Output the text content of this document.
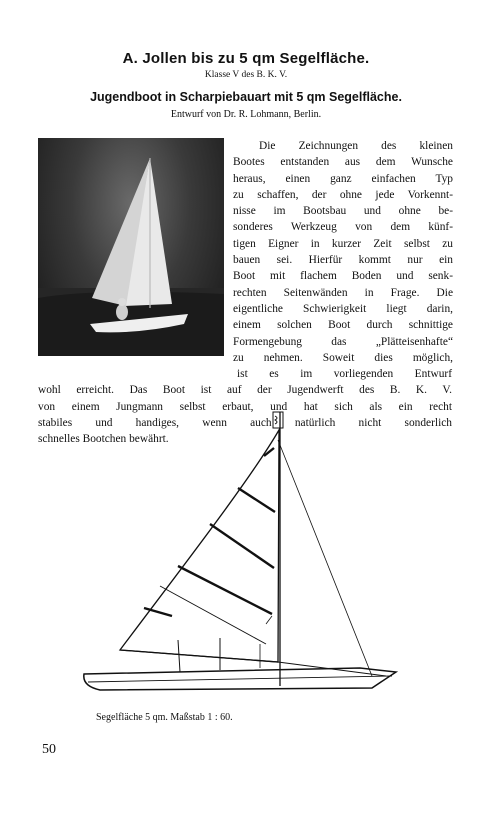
A. Jollen bis zu 5 qm Segelfläche.
Klasse V des B. K. V.
Jugendboot in Scharpiebauart mit 5 qm Segelfläche.
Entwurf von Dr. R. Lohmann, Berlin.
Die Zeichnungen des kleinen
Bootes entstanden aus dem Wunsche
heraus, einen ganz einfachen Typ
zu schaffen, der ohne jede Vorkennt-
nisse im Bootsbau und ohne be-
sonderes Werkzeug von dem künf-
tigen Eigner in kurzer Zeit selbst zu
bauen sei. Hierfür kommt nur ein
Boot mit flachem Boden und senk-
rechten Seitenwänden in Frage. Die
eigentliche Schwierigkeit liegt darin,
einem solchen Boot durch schnittige
Formengebung das „Plätteisenhafte“
zu nehmen. Soweit dies möglich,
ist es im vorliegenden Entwurf
wohl erreicht. Das Boot ist auf der Jugendwerft des B. K. V.
von einem Jungmann selbst erbaut, und hat sich als ein recht
stabiles und handiges, wenn auch natürlich nicht sonderlich
schnelles Bootchen bewährt.
Segelfläche 5 qm. Maßstab 1 : 60.
50
